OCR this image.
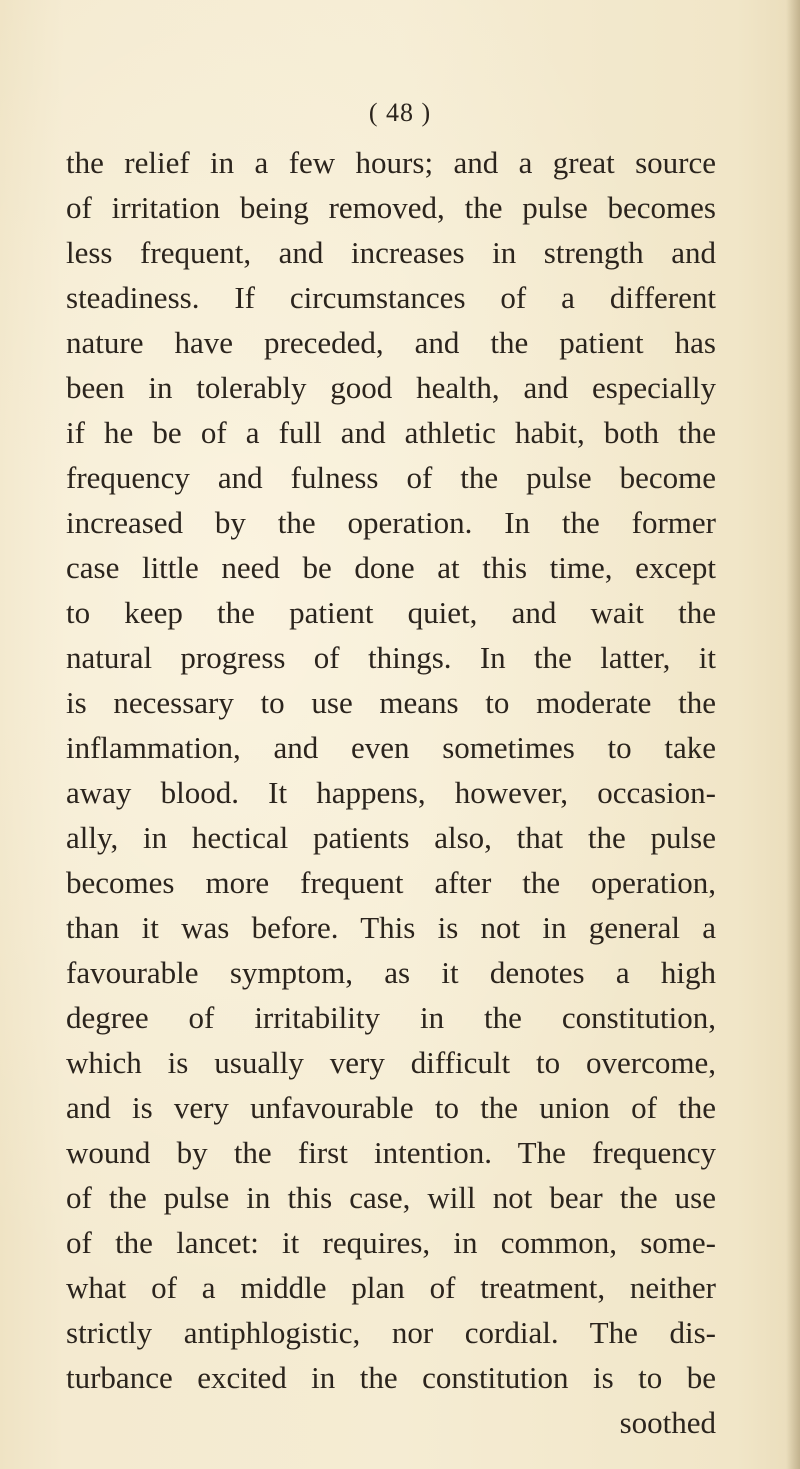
( 48 )
the relief in a few hours; and a great source
of irritation being removed, the pulse becomes
less frequent, and increases in strength and
steadiness. If circumstances of a different
nature have preceded, and the patient has
been in tolerably good health, and especially
if he be of a full and athletic habit, both the
frequency and fulness of the pulse become
increased by the operation. In the former
case little need be done at this time, except
to keep the patient quiet, and wait the
natural progress of things. In the latter, it
is necessary to use means to moderate the
inflammation, and even sometimes to take
away blood. It happens, however, occasion-
ally, in hectical patients also, that the pulse
becomes more frequent after the operation,
than it was before. This is not in general a
favourable symptom, as it denotes a high
degree of irritability in the constitution,
which is usually very difficult to overcome,
and is very unfavourable to the union of the
wound by the first intention. The frequency
of the pulse in this case, will not bear the use
of the lancet: it requires, in common, some-
what of a middle plan of treatment, neither
strictly antiphlogistic, nor cordial. The dis-
turbance excited in the constitution is to be
soothed
